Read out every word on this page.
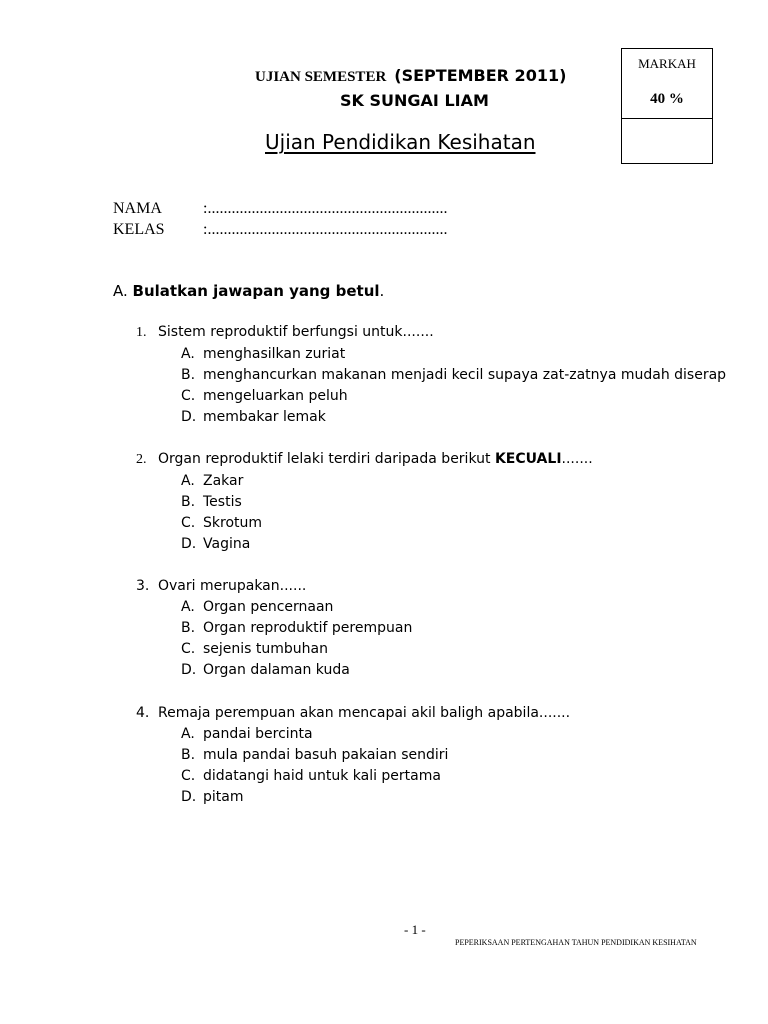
UJIAN SEMESTER (SEPTEMBER 2011)
SK SUNGAI LIAM
Ujian Pendidikan Kesihatan
MARKAH
40 %
NAMA	:............................................................
KELAS :............................................................
A. Bulatkan jawapan yang betul.
1. Sistem reproduktif berfungsi untuk.......
A. menghasilkan zuriat
B. menghancurkan makanan menjadi kecil supaya zat-zatnya mudah diserap
C. mengeluarkan peluh
D. membakar lemak
2. Organ reproduktif lelaki terdiri daripada berikut KECUALI.......
A. Zakar
B. Testis
C. Skrotum
D. Vagina
3. Ovari merupakan......
A. Organ pencernaan
B. Organ reproduktif perempuan
C. sejenis tumbuhan
D. Organ dalaman kuda
4. Remaja perempuan akan mencapai akil baligh apabila.......
A. pandai bercinta
B. mula pandai basuh pakaian sendiri
C. didatangi haid untuk kali pertama
D. pitam
- 1 -
PEPERIKSAAN PERTENGAHAN TAHUN PENDIDIKAN KESIHATAN
